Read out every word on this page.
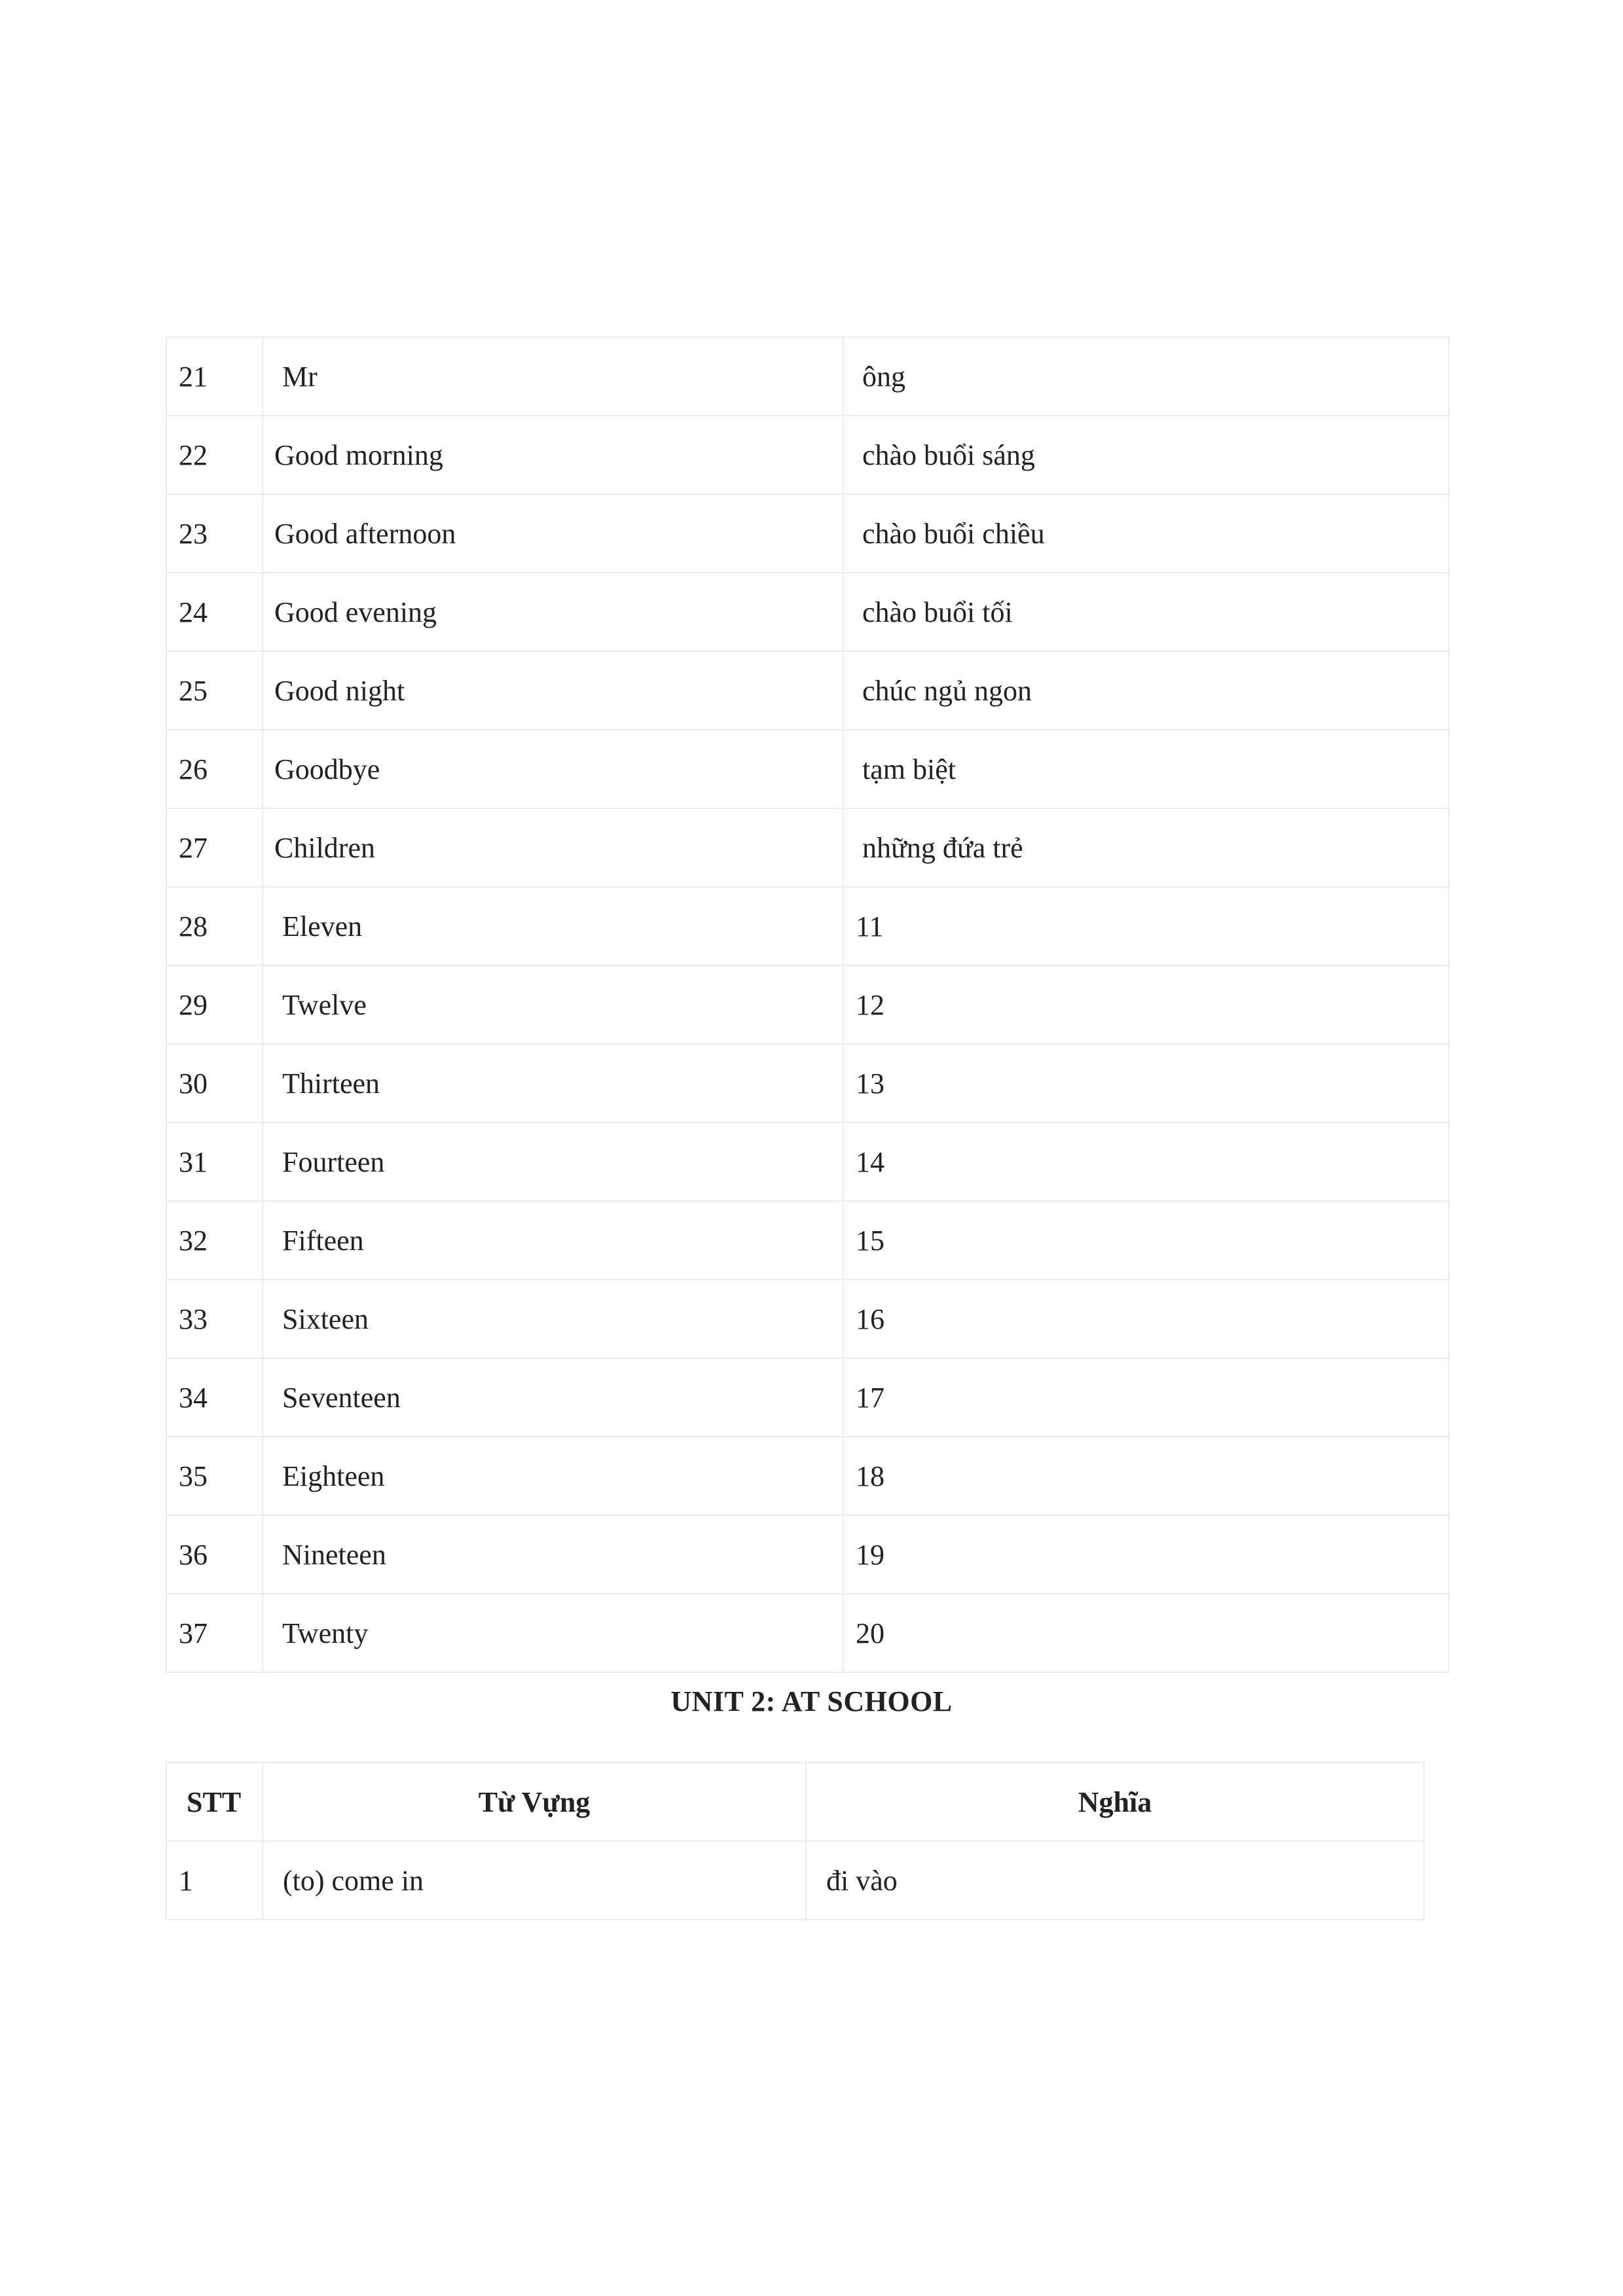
21	Mr	ông
22	Good morning	chào buổi sáng
23	Good afternoon	chào buổi chiều
24	Good evening	chào buổi tối
25	Good night	chúc ngủ ngon
26	Goodbye	tạm biệt
27	Children	những đứa trẻ
28	Eleven	11
29	Twelve	12
30	Thirteen	13
31	Fourteen	14
32	Fifteen	15
33	Sixteen	16
34	Seventeen	17
35	Eighteen	18
36	Nineteen	19
37	Twenty	20
UNIT 2: AT SCHOOL
STT	Từ Vựng	Nghĩa
1	(to) come in	đi vào
